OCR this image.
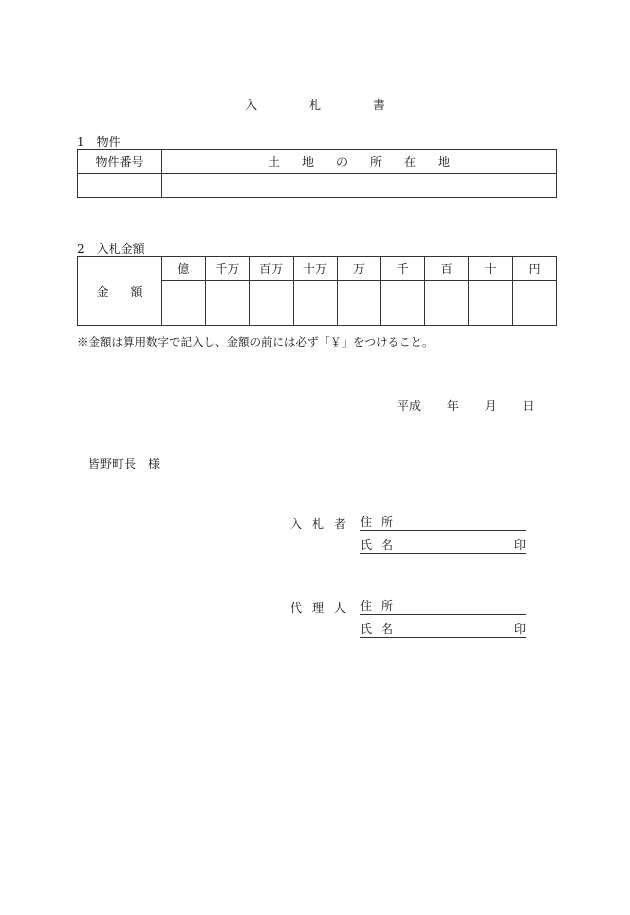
入	札	書
1　物件
物件番号	土 地 の 所 在 地

2　入札金額
金 額	億	千万	百万	十万	万	千	百	十	円

※金額は算用数字で記入し、金額の前には必ず「￥」をつけること。
平成 年 月 日
皆野町長　様
入 札 者	住 所
氏 名	印
代 理 人	住 所
氏 名	印
